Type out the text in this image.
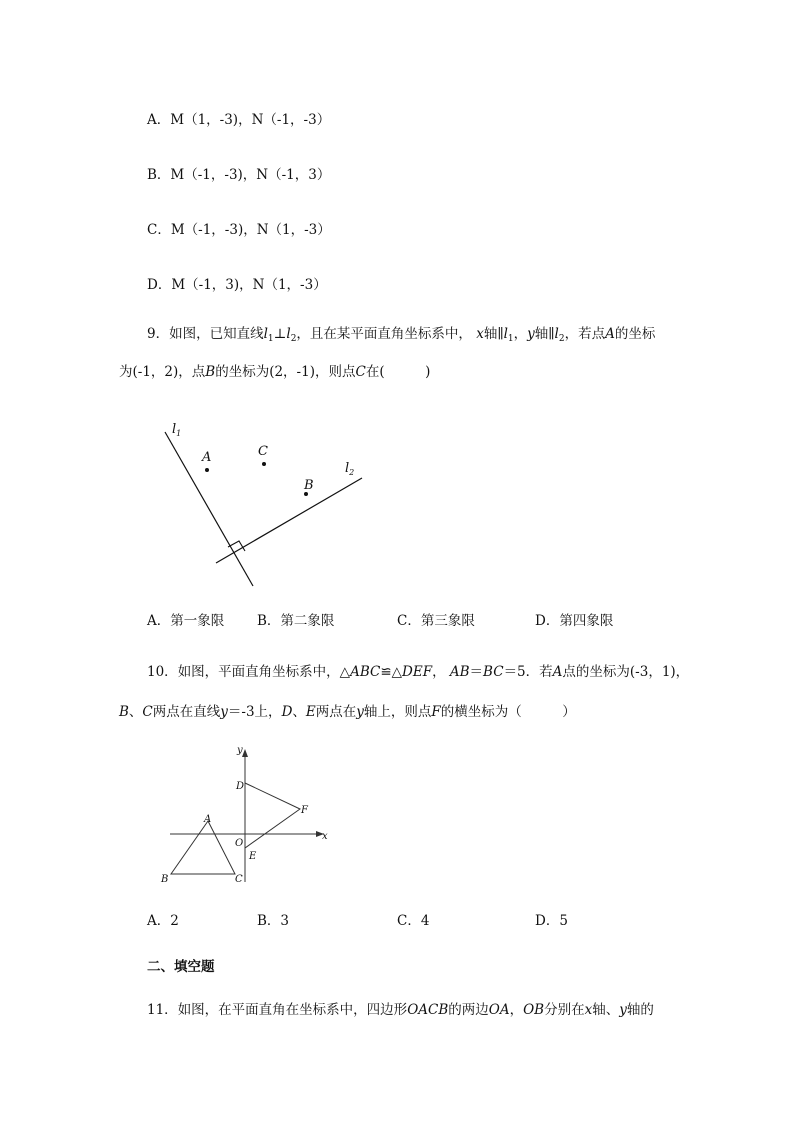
A．M（1，-3)，N（-1，-3）
B．M（-1，-3)，N（-1，3）
C．M（-1，-3)，N（1，-3）
D．M（-1，3)，N（1，-3）
9．如图，已知直线$l_1\perp l_2$，且在某平面直角坐标系中， x轴$\parallel l_1$，y轴$\parallel l_2$，若点A的坐标
为(-1，2)，点B的坐标为(2，-1)，则点C在(　　　)
$l_1$
$l_2$
A	C
B
A．第一象限 B．第二象限	C．第三象限	D．第四象限
10．如图，平面直角坐标系中，△ABC≌△DEF， AB＝BC＝5．若A点的坐标为(-3，1)，
B、C两点在直线y＝-3上，D、E两点在y轴上，则点F的横坐标为（　　　）
y
x
O
A
B	C
D
E
F
A．2	B．3	C．4	D．5
二、填空题
11．如图，在平面直角在坐标系中，四边形OACB的两边OA，OB分别在x轴、y轴的
